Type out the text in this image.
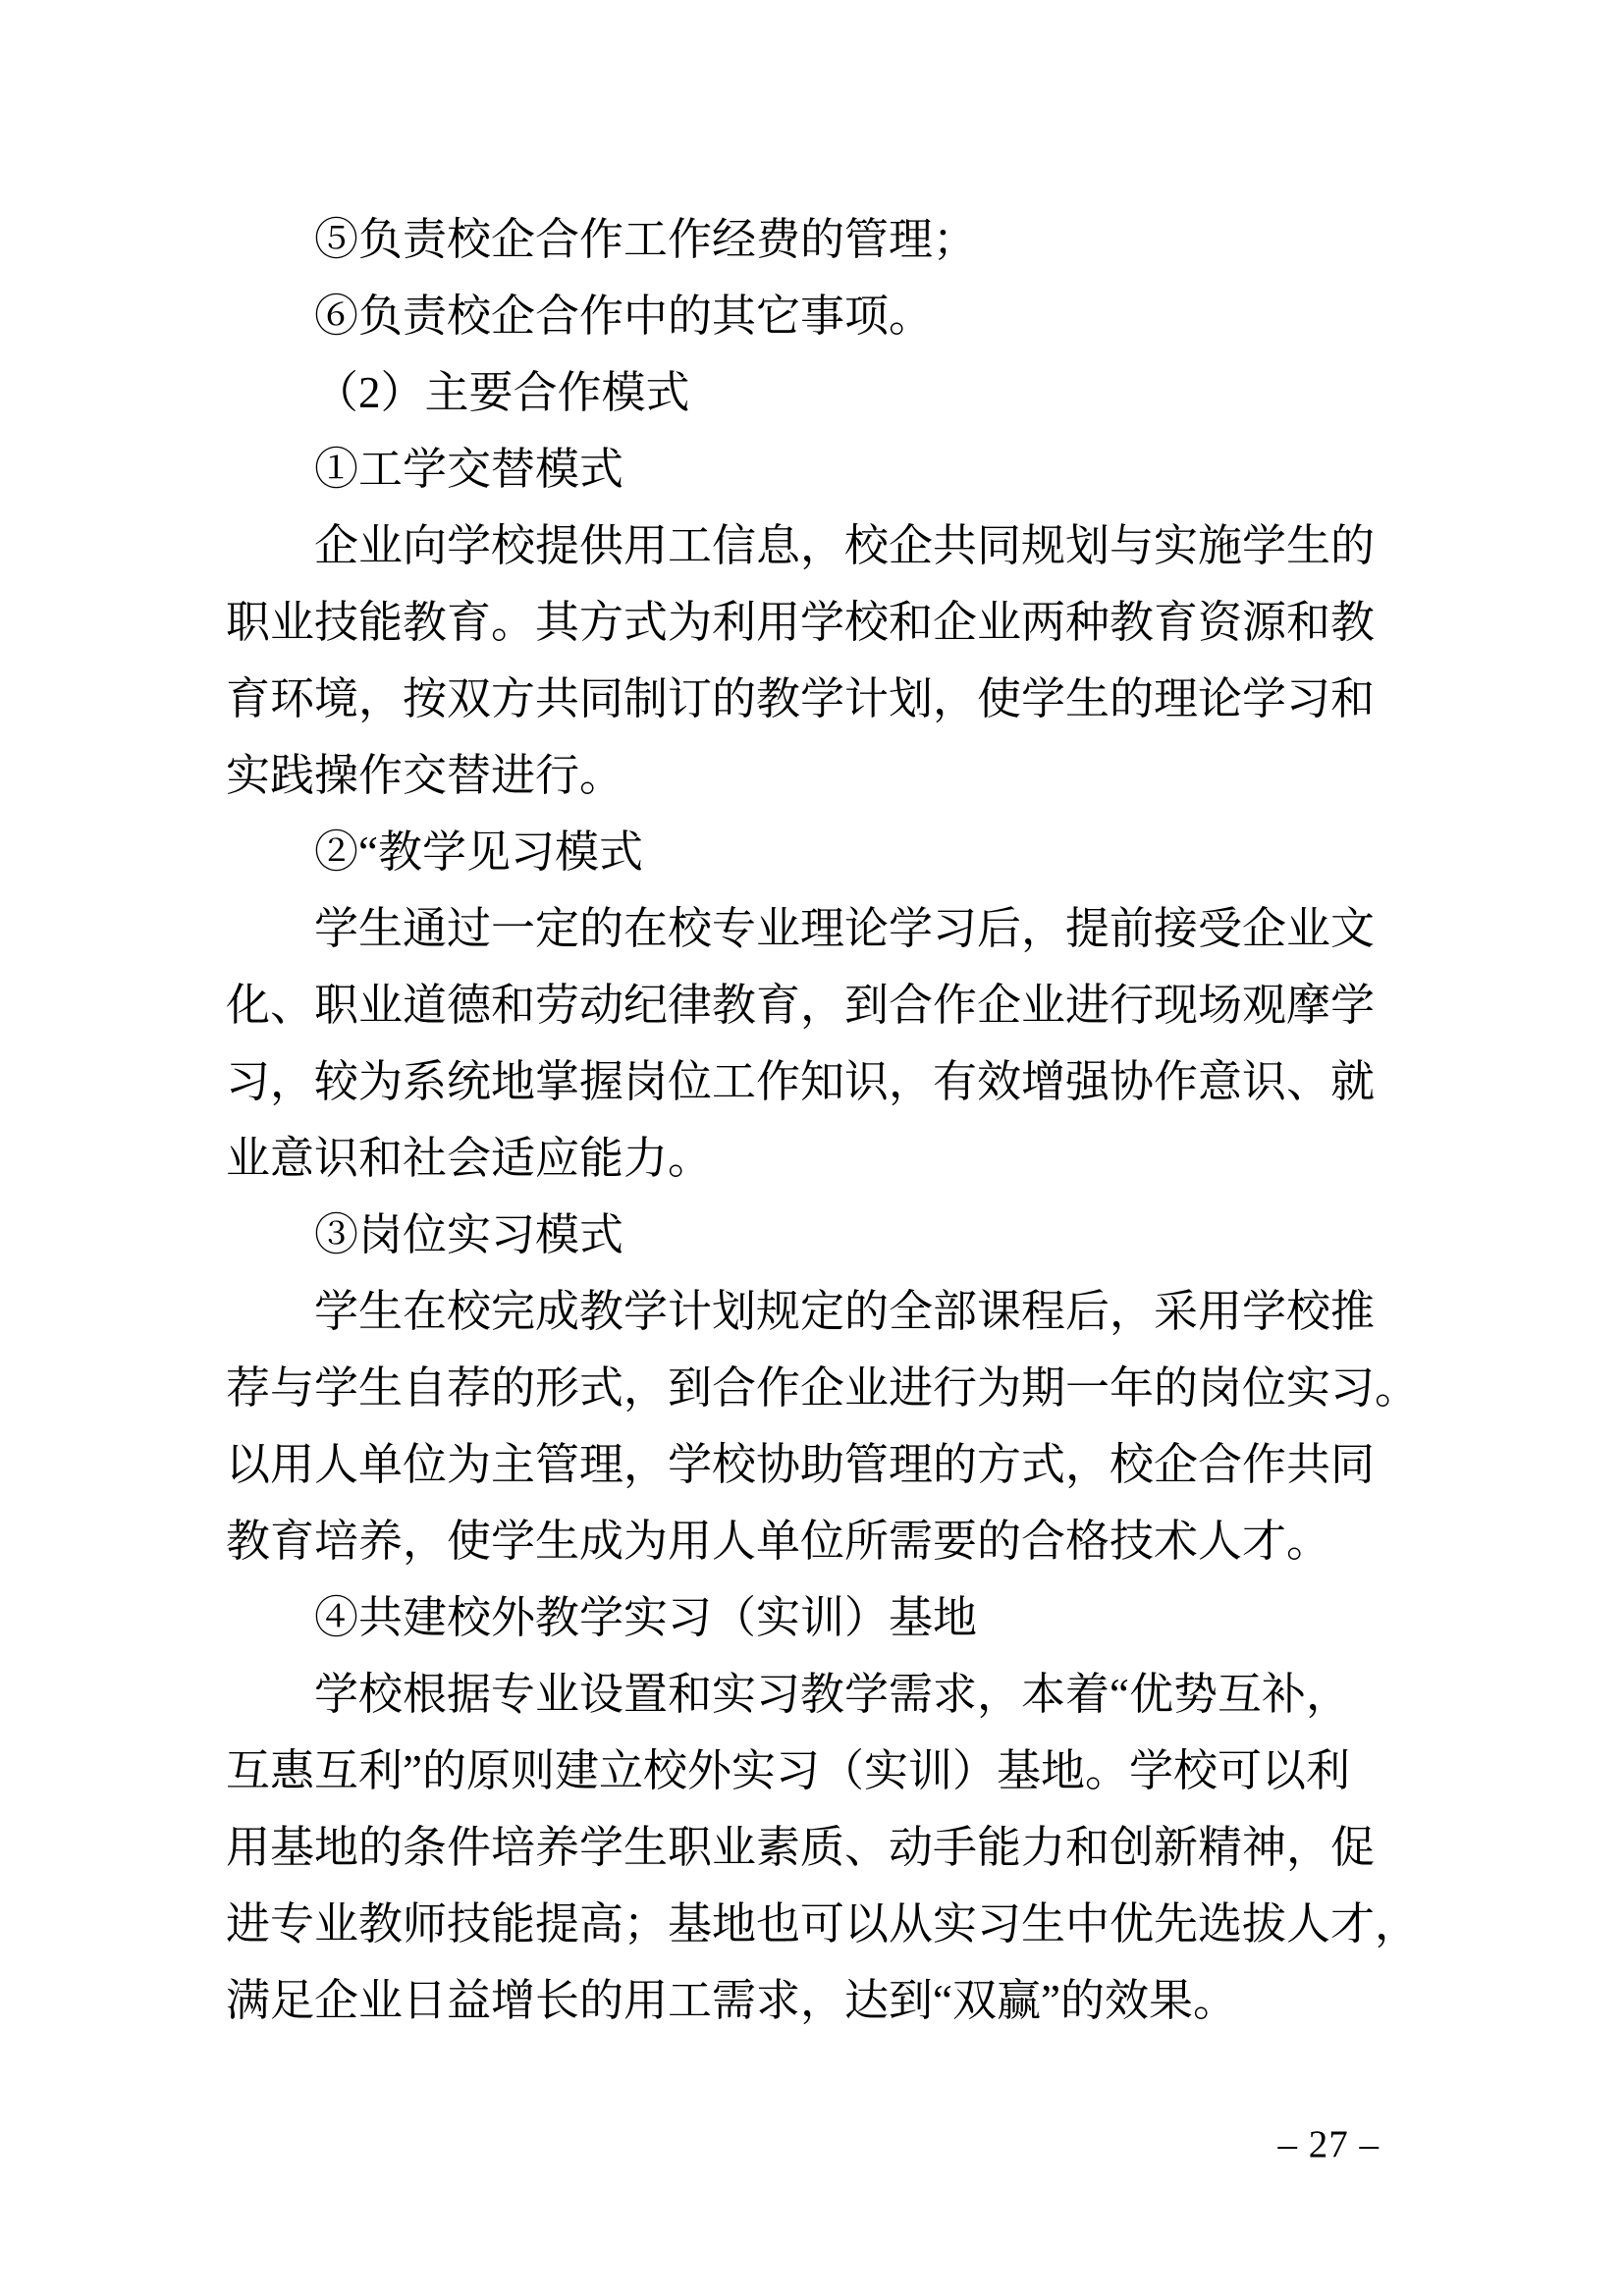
⑤负责校企合作工作经费的管理；
⑥负责校企合作中的其它事项。
（2）主要合作模式
①工学交替模式
企业向学校提供用工信息，校企共同规划与实施学生的
职业技能教育。其方式为利用学校和企业两种教育资源和教
育环境，按双方共同制订的教学计划，使学生的理论学习和
实践操作交替进行。
②“教学见习模式
学生通过一定的在校专业理论学习后，提前接受企业文
化、职业道德和劳动纪律教育，到合作企业进行现场观摩学
习，较为系统地掌握岗位工作知识，有效增强协作意识、就
业意识和社会适应能力。
③岗位实习模式
学生在校完成教学计划规定的全部课程后，采用学校推
荐与学生自荐的形式，到合作企业进行为期一年的岗位实习。
以用人单位为主管理，学校协助管理的方式，校企合作共同
教育培养，使学生成为用人单位所需要的合格技术人才。
④共建校外教学实习（实训）基地
学校根据专业设置和实习教学需求，本着“优势互补，
互惠互利”的原则建立校外实习（实训）基地。学校可以利
用基地的条件培养学生职业素质、动手能力和创新精神，促
进专业教师技能提高；基地也可以从实习生中优先选拔人才，
满足企业日益增长的用工需求，达到“双赢”的效果。
– 27 –
